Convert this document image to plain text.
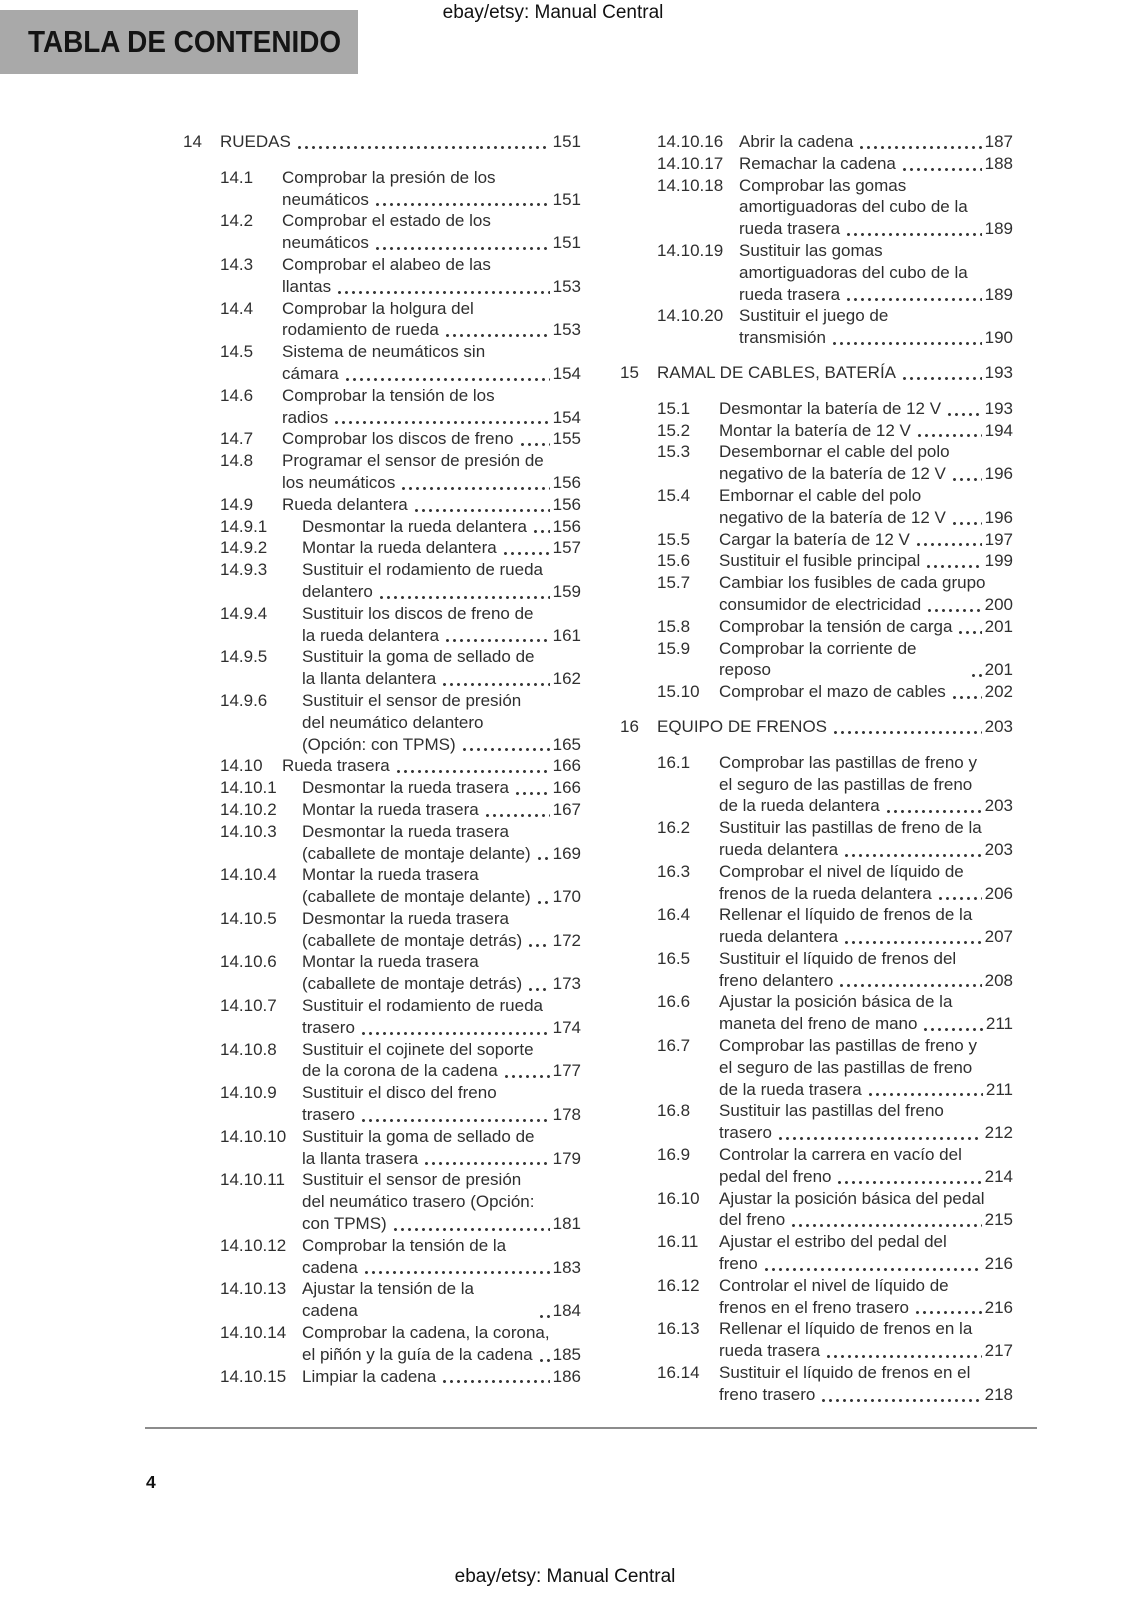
ebay/etsy: Manual Central
TABLA DE CONTENIDO
14	RUEDAS	151
14.1	Comprobar la presión de los
neumáticos	151
14.2	Comprobar el estado de los
neumáticos	151
14.3	Comprobar el alabeo de las
llantas	153
14.4	Comprobar la holgura del
rodamiento de rueda	153
14.5	Sistema de neumáticos sin
cámara	154
14.6	Comprobar la tensión de los
radios	154
14.7	Comprobar los discos de freno 155
14.8	Programar el sensor de presión de
los neumáticos	156
14.9	Rueda delantera	156
14.9.1	Desmontar la rueda delantera 156
14.9.2	Montar la rueda delantera	157
14.9.3	Sustituir el rodamiento de rueda
delantero	159
14.9.4	Sustituir los discos de freno de
la rueda delantera	161
14.9.5	Sustituir la goma de sellado de
la llanta delantera	162
14.9.6	Sustituir el sensor de presión
del neumático delantero
(Opción: con TPMS)	165
14.10	Rueda trasera	166
14.10.1	Desmontar la rueda trasera	166
14.10.2	Montar la rueda trasera	167
14.10.3	Desmontar la rueda trasera
(caballete de montaje delante) 169
14.10.4	Montar la rueda trasera
(caballete de montaje delante) 170
14.10.5	Desmontar la rueda trasera
(caballete de montaje detrás) 172
14.10.6	Montar la rueda trasera
(caballete de montaje detrás) 173
14.10.7	Sustituir el rodamiento de rueda
trasero	174
14.10.8	Sustituir el cojinete del soporte
de la corona de la cadena	177
14.10.9	Sustituir el disco del freno
trasero	178
14.10.10 Sustituir la goma de sellado de
la llanta trasera	179
14.10.11	Sustituir el sensor de presión
del neumático trasero (Opción:
con TPMS)	181
14.10.12 Comprobar la tensión de la
cadena	183
14.10.13 Ajustar la tensión de la cadena	184
14.10.14 Comprobar la cadena, la corona,
el piñón y la guía de la cadena 185
14.10.15 Limpiar la cadena	186
14.10.16 Abrir la cadena	187
14.10.17 Remachar la cadena	188
14.10.18 Comprobar las gomas
amortiguadoras del cubo de la
rueda trasera	189
14.10.19 Sustituir las gomas
amortiguadoras del cubo de la
rueda trasera	189
14.10.20 Sustituir el juego de
transmisión	190
15	RAMAL DE CABLES, BATERÍA	193
15.1	Desmontar la batería de 12 V	193
15.2	Montar la batería de 12 V	194
15.3	Desembornar el cable del polo
negativo de la batería de 12 V 196
15.4	Embornar el cable del polo
negativo de la batería de 12 V 196
15.5	Cargar la batería de 12 V	197
15.6	Sustituir el fusible principal	199
15.7	Cambiar los fusibles de cada grupo
consumidor de electricidad	200
15.8	Comprobar la tensión de carga 201
15.9	Comprobar la corriente de reposo	201
15.10	Comprobar el mazo de cables 202
16	EQUIPO DE FRENOS	203
16.1	Comprobar las pastillas de freno y
el seguro de las pastillas de freno
de la rueda delantera	203
16.2	Sustituir las pastillas de freno de la
rueda delantera	203
16.3	Comprobar el nivel de líquido de
frenos de la rueda delantera	206
16.4	Rellenar el líquido de frenos de la
rueda delantera	207
16.5	Sustituir el líquido de frenos del
freno delantero	208
16.6	Ajustar la posición básica de la
maneta del freno de mano	211
16.7	Comprobar las pastillas de freno y
el seguro de las pastillas de freno
de la rueda trasera	211
16.8	Sustituir las pastillas del freno
trasero	212
16.9	Controlar la carrera en vacío del
pedal del freno	214
16.10	Ajustar la posición básica del pedal
del freno	215
16.11	Ajustar el estribo del pedal del
freno	216
16.12	Controlar el nivel de líquido de
frenos en el freno trasero	216
16.13	Rellenar el líquido de frenos en la
rueda trasera	217
16.14	Sustituir el líquido de frenos en el
freno trasero	218
4
ebay/etsy: Manual Central
